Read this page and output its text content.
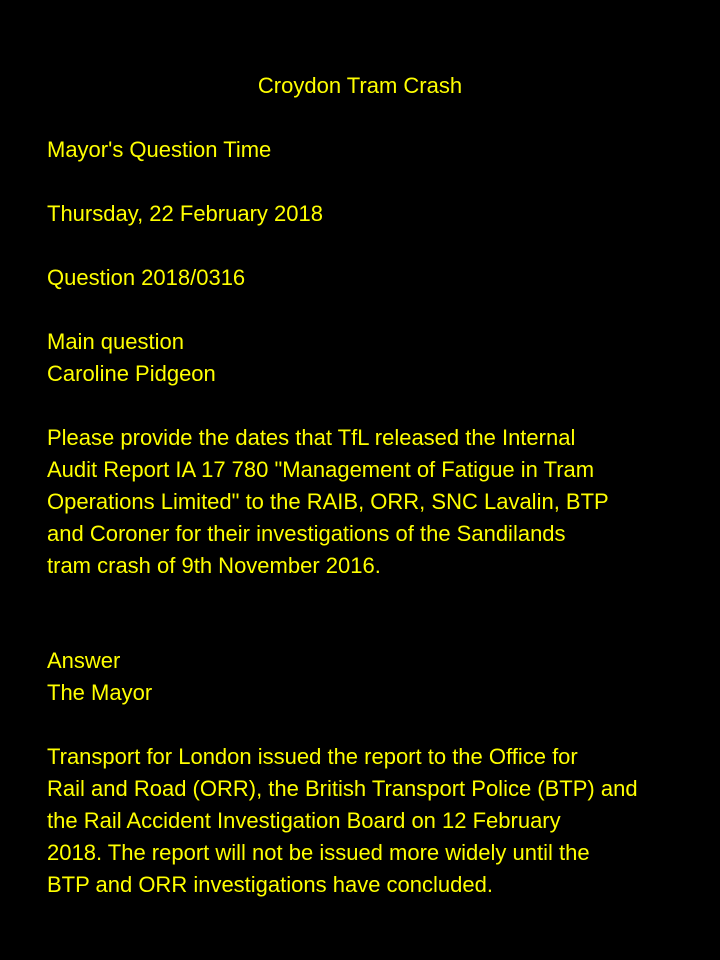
Croydon Tram Crash
Mayor's Question Time
Thursday, 22 February 2018
Question 2018/0316
Main question
Caroline Pidgeon
Please provide the dates that TfL released the Internal
Audit Report IA 17 780 "Management of Fatigue in Tram
Operations Limited" to the RAIB, ORR, SNC Lavalin, BTP
and Coroner for their investigations of the Sandilands
tram crash of 9th November 2016.
Answer
The Mayor
Transport for London issued the report to the Office for
Rail and Road (ORR), the British Transport Police (BTP) and
the Rail Accident Investigation Board on 12 February
2018. The report will not be issued more widely until the
BTP and ORR investigations have concluded.
